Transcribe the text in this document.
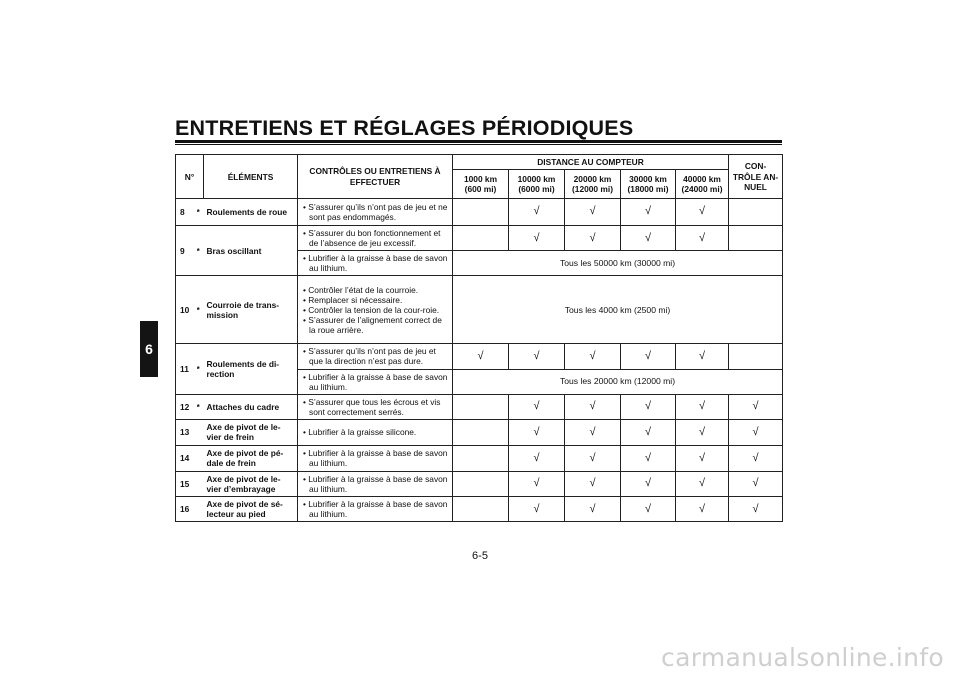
ENTRETIENS ET RÉGLAGES PÉRIODIQUES
6
N°		ÉLÉMENTS	CONTRÔLES OU ENTRETIENS À EFFECTUER	DISTANCE AU COMPTEUR					CON-TRÔLE AN-NUEL
				1000 km (600 mi)	10000 km (6000 mi)	20000 km (12000 mi)	30000 km (18000 mi)	40000 km (24000 mi)	
8	*	Roulements de roue	• S’assurer qu’ils n’ont pas de jeu et ne sont pas endommagés.		√	√	√	√	
9	*	Bras oscillant	• S’assurer du bon fonctionnement et de l’absence de jeu excessif.		√	√	√	√	

			• Lubrifier à la graisse à base de savon au lithium.	Tous les 50000 km (30000 mi)					
10	*	Courroie de trans-mission	• Contrôler l’état de la courroie.
• Remplacer si nécessaire.
• Contrôler la tension de la cour-roie.
• S’assurer de l’alignement correct de la roue arrière.	Tous les 4000 km (2500 mi)					
11	*	Roulements de di-rection	• S’assurer qu’ils n’ont pas de jeu et que la direction n’est pas dure.	√	√	√	√	√	

			• Lubrifier à la graisse à base de savon au lithium.	Tous les 20000 km (12000 mi)					
12	*	Attaches du cadre	• S’assurer que tous les écrous et vis sont correctement serrés.		√	√	√	√	√
13		Axe de pivot de le-vier de frein	• Lubrifier à la graisse silicone.		√	√	√	√	√
14		Axe de pivot de pé-dale de frein	• Lubrifier à la graisse à base de savon au lithium.		√	√	√	√	√
15		Axe de pivot de le-vier d’embrayage	• Lubrifier à la graisse à base de savon au lithium.		√	√	√	√	√
16		Axe de pivot de sé-lecteur au pied	• Lubrifier à la graisse à base de savon au lithium.		√	√	√	√	√
6-5
carmanualsonline.info
